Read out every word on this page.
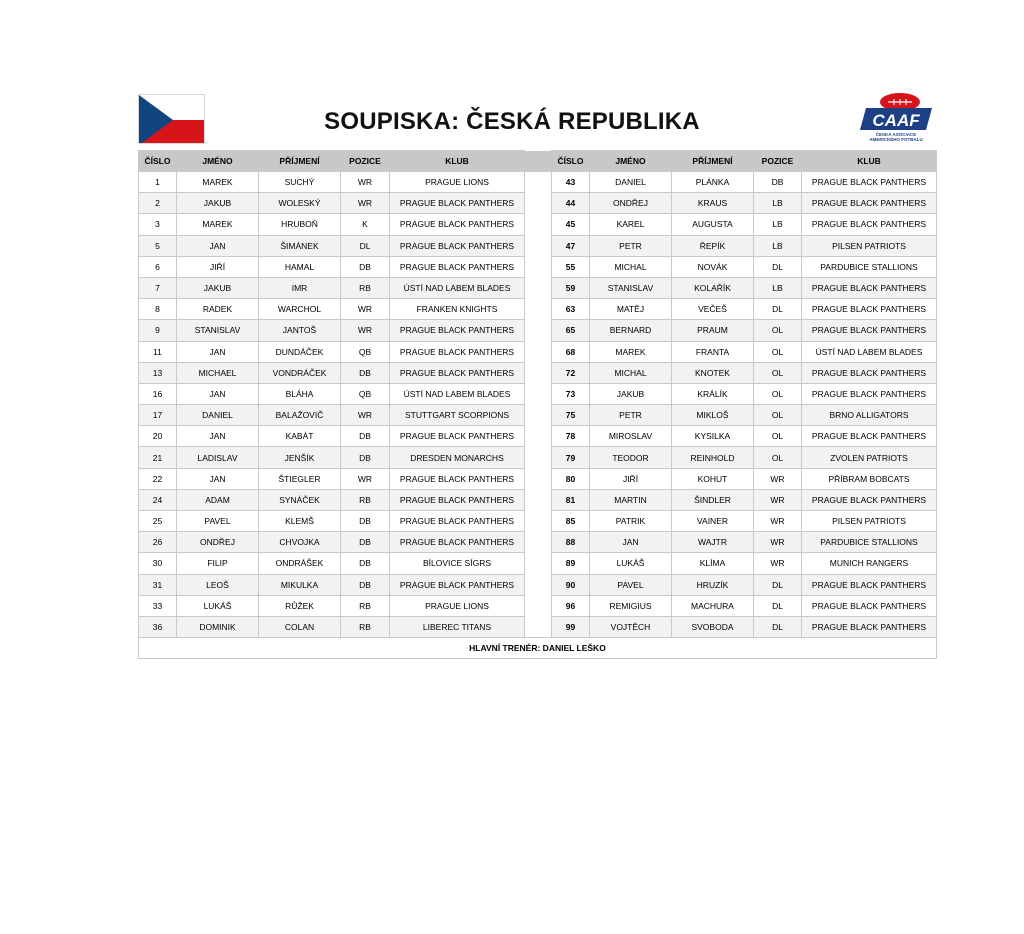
SOUPISKA: ČESKÁ REPUBLIKA	CAAF
ČESKÁ ASOCIACE
AMERICKÉHO FOTBALU
ČÍSLO	JMÉNO	PŘÍJMENÍ	POZICE	KLUB		ČÍSLO	JMÉNO	PŘÍJMENÍ	POZICE	KLUB
1	MAREK	SUCHÝ	WR	PRAGUE LIONS		43	DANIEL	PLÁNKA	DB	PRAGUE BLACK PANTHERS
2	JAKUB	WOLESKÝ	WR	PRAGUE BLACK PANTHERS		44	ONDŘEJ	KRAUS	LB	PRAGUE BLACK PANTHERS
3	MAREK	HRUBOŇ	K	PRAGUE BLACK PANTHERS		45	KAREL	AUGUSTA	LB	PRAGUE BLACK PANTHERS
5	JAN	ŠIMÁNEK	DL	PRAGUE BLACK PANTHERS		47	PETR	ŘEPÍK	LB	PILSEN PATRIOTS
6	JIŘÍ	HAMAL	DB	PRAGUE BLACK PANTHERS		55	MICHAL	NOVÁK	DL	PARDUBICE STALLIONS
7	JAKUB	IMR	RB	ÚSTÍ NAD LABEM BLADES		59	STANISLAV	KOLAŘÍK	LB	PRAGUE BLACK PANTHERS
8	RADEK	WARCHOL	WR	FRANKEN KNIGHTS		63	MATĚJ	VEČEŠ	DL	PRAGUE BLACK PANTHERS
9	STANISLAV	JANTOŠ	WR	PRAGUE BLACK PANTHERS		65	BERNARD	PRAUM	OL	PRAGUE BLACK PANTHERS
11	JAN	DUNDÁČEK	QB	PRAGUE BLACK PANTHERS		68	MAREK	FRANTA	OL	ÚSTÍ NAD LABEM BLADES
13	MICHAEL	VONDRÁČEK	DB	PRAGUE BLACK PANTHERS		72	MICHAL	KNOTEK	OL	PRAGUE BLACK PANTHERS
16	JAN	BLÁHA	QB	ÚSTÍ NAD LABEM BLADES		73	JAKUB	KRÁLÍK	OL	PRAGUE BLACK PANTHERS
17	DANIEL	BALAŽOVIČ	WR	STUTTGART SCORPIONS		75	PETR	MIKLOŠ	OL	BRNO ALLIGATORS
20	JAN	KABÁT	DB	PRAGUE BLACK PANTHERS		78	MIROSLAV	KYSILKA	OL	PRAGUE BLACK PANTHERS
21	LADISLAV	JENŠÍK	DB	DRESDEN MONARCHS		79	TEODOR	REINHOLD	OL	ZVOLEN PATRIOTS
22	JAN	ŠTIEGLER	WR	PRAGUE BLACK PANTHERS		80	JIŘÍ	KOHUT	WR	PŘÍBRAM BOBCATS
24	ADAM	SYNÁČEK	RB	PRAGUE BLACK PANTHERS		81	MARTIN	ŠINDLER	WR	PRAGUE BLACK PANTHERS
25	PAVEL	KLEMŠ	DB	PRAGUE BLACK PANTHERS		85	PATRIK	VAINER	WR	PILSEN PATRIOTS
26	ONDŘEJ	CHVOJKA	DB	PRAGUE BLACK PANTHERS		88	JAN	WAJTR	WR	PARDUBICE STALLIONS
30	FILIP	ONDRÁŠEK	DB	BÍLOVICE SÍGRS		89	LUKÁŠ	KLÍMA	WR	MUNICH RANGERS
31	LEOŠ	MIKULKA	DB	PRAGUE BLACK PANTHERS		90	PAVEL	HRUZÍK	DL	PRAGUE BLACK PANTHERS
33	LUKÁŠ	RŮŽEK	RB	PRAGUE LIONS		96	REMIGIUS	MACHURA	DL	PRAGUE BLACK PANTHERS
36	DOMINIK	COLAN	RB	LIBEREC TITANS		99	VOJTĚCH	SVOBODA	DL	PRAGUE BLACK PANTHERS
HLAVNÍ TRENÉR: DANIEL LEŠKO										
